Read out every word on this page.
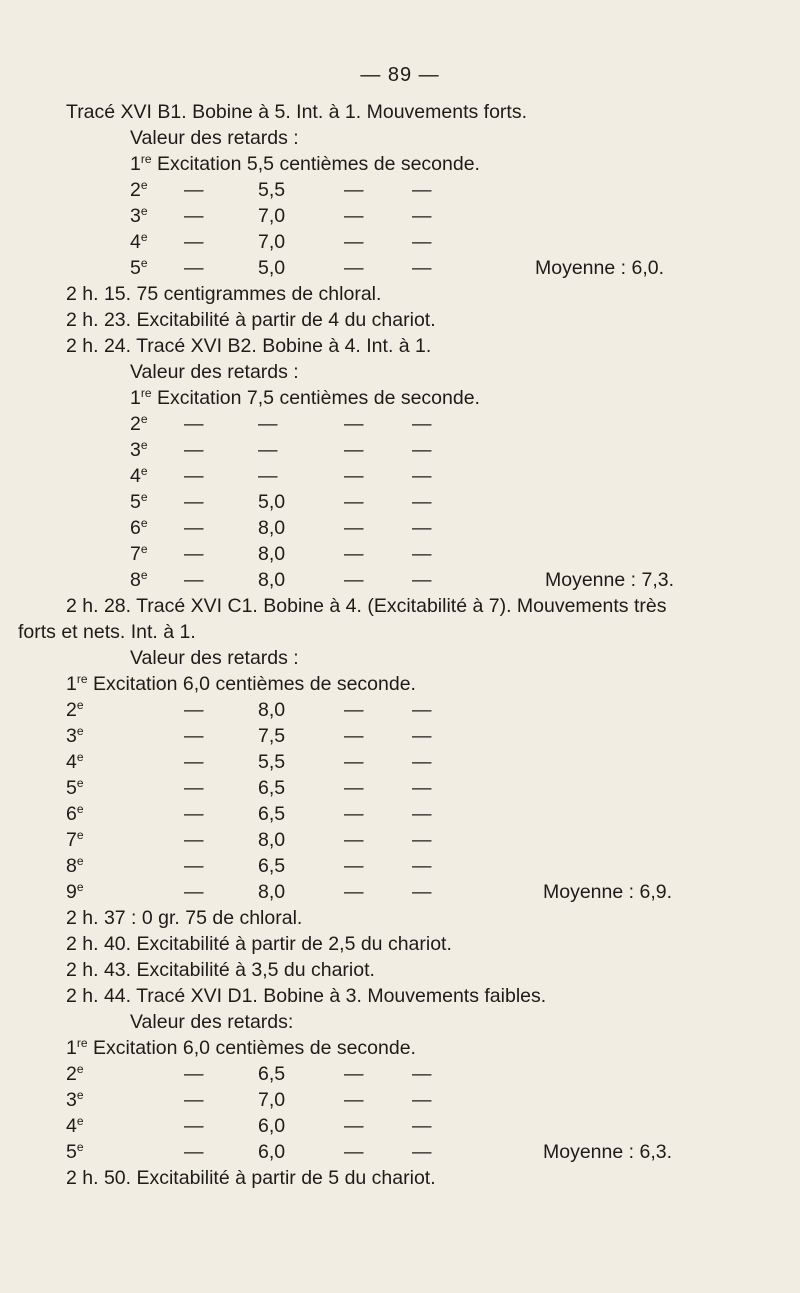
— 89 —
Tracé XVI B1. Bobine à 5. Int. à 1. Mouvements forts.
Valeur des retards :
1re Excitation 5,5 centièmes de seconde.
2e	—	5,5	— —
3e	—	7,0	— —
4e	—	7,0	— —
5e	—	5,0	— —	Moyenne : 6,0.
2 h. 15. 75 centigrammes de chloral.
2 h. 23. Excitabilité à partir de 4 du chariot.
2 h. 24. Tracé XVI B2. Bobine à 4. Int. à 1.
Valeur des retards :
1re Excitation 7,5 centièmes de seconde.
2e	—	—	— —
3e	—	—	— —
4e	—	—	— —
5e	—	5,0	— —
6e	—	8,0	— —
7e	—	8,0	— —
8e	—	8,0	— —	Moyenne : 7,3.
2 h. 28. Tracé XVI C1. Bobine à 4. (Excitabilité à 7). Mouvements très
forts et nets. Int. à 1.
Valeur des retards :
1re Excitation 6,0 centièmes de seconde.
2e	—	8,0	— —
3e	—	7,5	— —
4e	—	5,5	— —
5e	—	6,5	— —
6e	—	6,5	— —
7e	—	8,0	— —
8e	—	6,5	— —
9e	—	8,0	— —	Moyenne : 6,9.
2 h. 37 : 0 gr. 75 de chloral.
2 h. 40. Excitabilité à partir de 2,5 du chariot.
2 h. 43. Excitabilité à 3,5 du chariot.
2 h. 44. Tracé XVI D1. Bobine à 3. Mouvements faibles.
Valeur des retards:
1re Excitation 6,0 centièmes de seconde.
2e	—	6,5	— —
3e	—	7,0	— —
4e	—	6,0	— —
5e	—	6,0	— —	Moyenne : 6,3.
2 h. 50. Excitabilité à partir de 5 du chariot.
